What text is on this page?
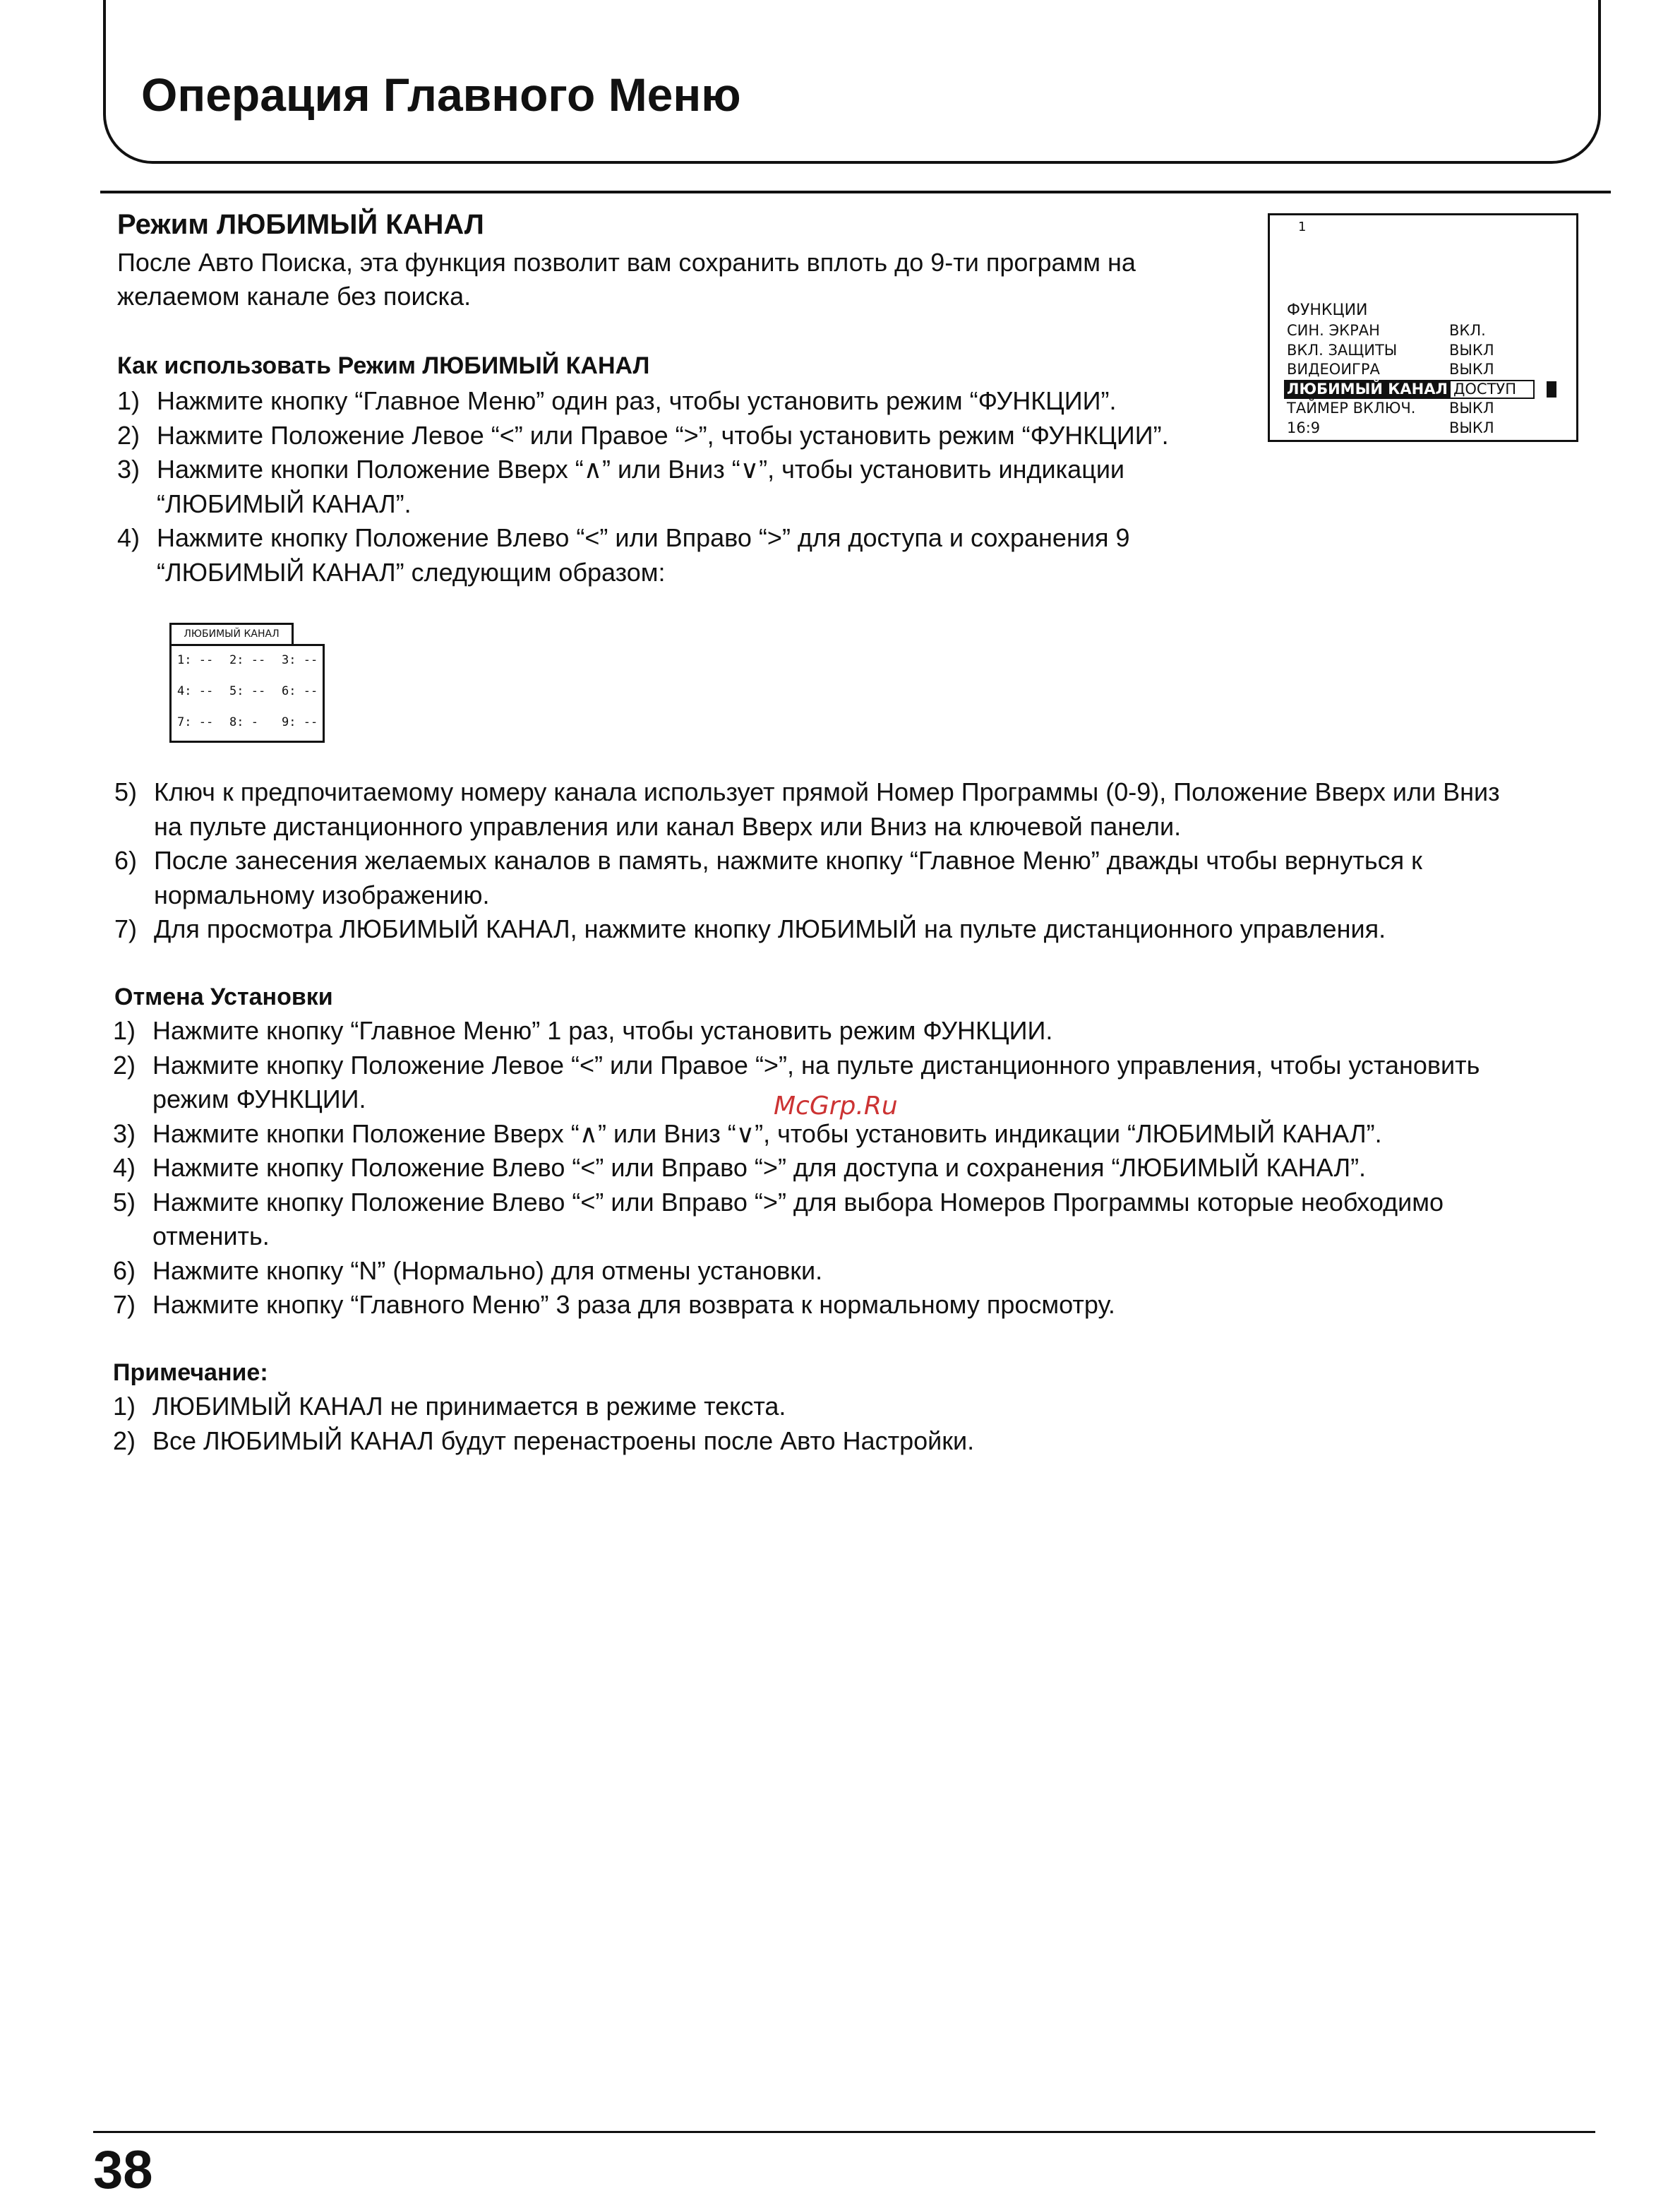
Операция Главного Меню
1
ФУНКЦИИ
СИН. ЭКРАН	ВКЛ.
ВКЛ. ЗАЩИТЫ	ВЫКЛ
ВИДЕОИГРА	ВЫКЛ
ЛЮБИМЫЙ КАНАЛ ДОСТУП
ТАЙМЕР ВКЛЮЧ. ВЫКЛ
16:9	ВЫКЛ
Режим ЛЮБИМЫЙ КАНАЛ
После Авто Поиска, эта функция позволит вам сохранить вплоть до 9-ти программ на
желаемом канале без поиска.
Как использовать Режим ЛЮБИМЫЙ КАНАЛ
1) Нажмите кнопку “Главное Меню” один раз, чтобы установить режим “ФУНКЦИИ”.
2) Нажмите Положение Левое “<” или Правое “>”, чтобы установить режим “ФУНКЦИИ”.
3) Нажмите кнопки Положение Вверх “∧” или Вниз “∨”, чтобы установить индикации
“ЛЮБИМЫЙ КАНАЛ”.
4) Нажмите кнопку Положение Влево “<” или Вправо “>” для доступа и сохранения 9
“ЛЮБИМЫЙ КАНАЛ” следующим образом:
ЛЮБИМЫЙ КАНАЛ
1: -- 2: -- 3: --
4: -- 5: -- 6: --
7: -- 8: - 9: --
5) Ключ к предпочитаемому номеру канала использует прямой Номер Программы (0-9), Положение Вверх или Вниз
на пульте дистанционного управления или канал Вверх или Вниз на ключевой панели.
6) После занесения желаемых каналов в память, нажмите кнопку “Главное Меню” дважды чтобы вернуться к
нормальному изображению.
7) Для просмотра ЛЮБИМЫЙ КАНАЛ, нажмите кнопку ЛЮБИМЫЙ на пульте дистанционного управления.
Отмена Установки
1) Нажмите кнопку “Главное Меню” 1 раз, чтобы установить режим ФУНКЦИИ.
2) Нажмите кнопку Положение Левое “<” или Правое “>”, на пульте дистанционного управления, чтобы установить
режим ФУНКЦИИ.
3) Нажмите кнопки Положение Вверх “∧” или Вниз “∨”, чтобы установить индикации “ЛЮБИМЫЙ КАНАЛ”.
4) Нажмите кнопку Положение Влево “<” или Вправо “>” для доступа и сохранения “ЛЮБИМЫЙ КАНАЛ”.
5) Нажмите кнопку Положение Влево “<” или Вправо “>” для выбора Номеров Программы которые необходимо
отменить.
6) Нажмите кнопку “N” (Нормально) для отмены установки.
7) Нажмите кнопку “Главного Меню” 3 раза для возврата к нормальному просмотру.
Примечание:
1) ЛЮБИМЫЙ КАНАЛ не принимается в режиме текста.
2) Все ЛЮБИМЫЙ КАНАЛ будут перенастроены после Авто Настройки.
McGrp.Ru
38
